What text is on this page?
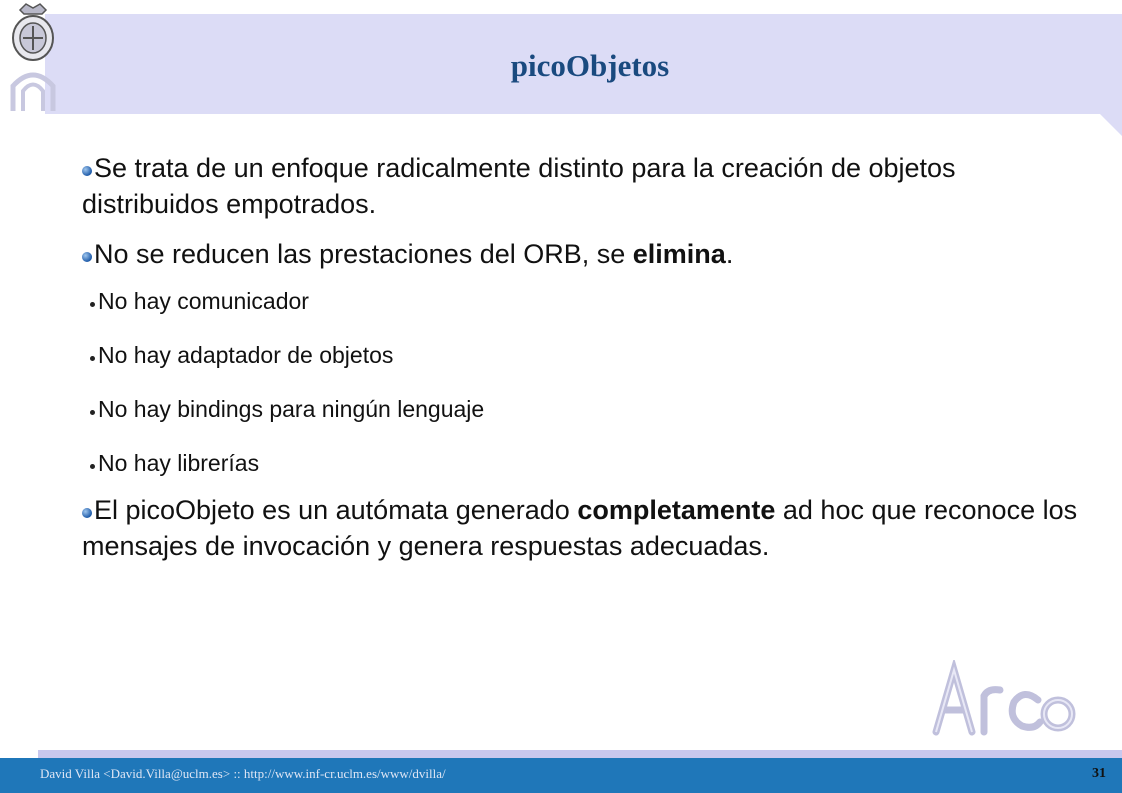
picoObjetos
Se trata de un enfoque radicalmente distinto para la creación de objetos distribuidos empotrados.
No se reducen las prestaciones del ORB, se elimina.
No hay comunicador
No hay adaptador de objetos
No hay bindings para ningún lenguaje
No hay librerías
El picoObjeto es un autómata generado completamente ad hoc que reconoce los mensajes de invocación y genera respuestas adecuadas.
David Villa <David.Villa@uclm.es> :: http://www.inf-cr.uclm.es/www/dvilla/	31
